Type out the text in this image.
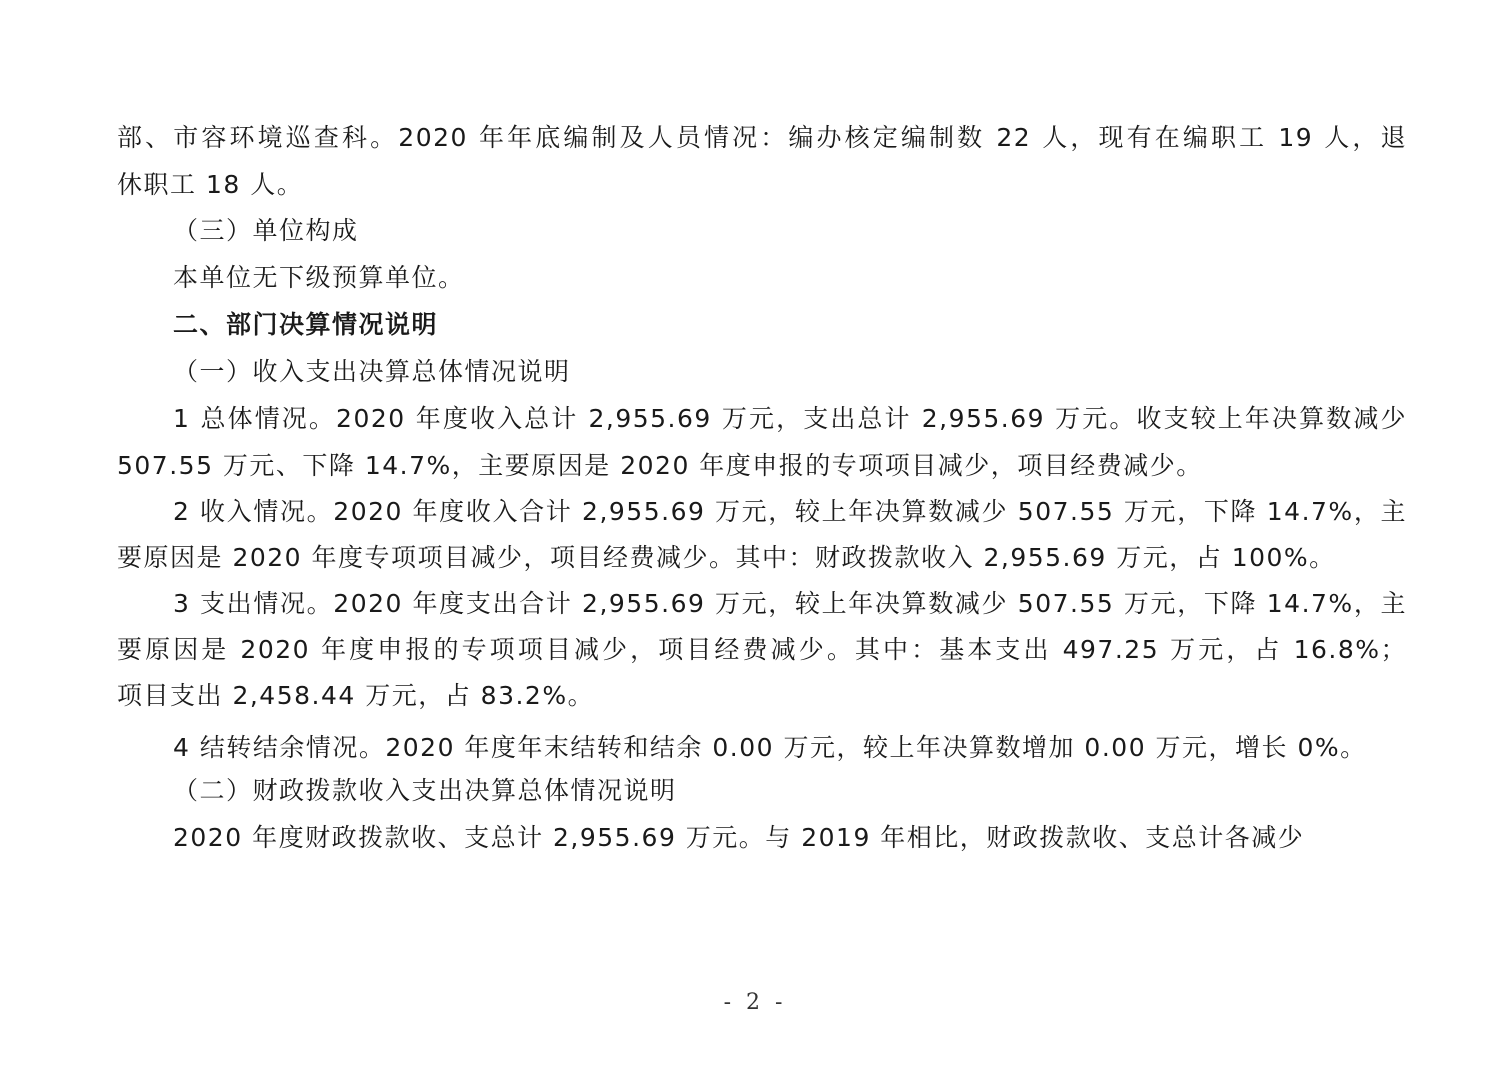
部、市容环境巡查科。2020 年年底编制及人员情况：编办核定编制数 22 人，现有在编职工 19 人，退
休职工 18 人。
（三）单位构成
本单位无下级预算单位。
二、部门决算情况说明
（一）收入支出决算总体情况说明
1 总体情况。2020 年度收入总计 2,955.69 万元，支出总计 2,955.69 万元。收支较上年决算数减少
507.55 万元、下降 14.7%，主要原因是 2020 年度申报的专项项目减少，项目经费减少。
2 收入情况。2020 年度收入合计 2,955.69 万元，较上年决算数减少 507.55 万元，下降 14.7%，主
要原因是 2020 年度专项项目减少，项目经费减少。其中：财政拨款收入 2,955.69 万元，占 100%。
3 支出情况。2020 年度支出合计 2,955.69 万元，较上年决算数减少 507.55 万元，下降 14.7%，主
要原因是 2020 年度申报的专项项目减少，项目经费减少。其中：基本支出 497.25 万元，占 16.8%；
项目支出 2,458.44 万元，占 83.2%。
4 结转结余情况。2020 年度年末结转和结余 0.00 万元，较上年决算数增加 0.00 万元，增长 0%。
（二）财政拨款收入支出决算总体情况说明
2020 年度财政拨款收、支总计 2,955.69 万元。与 2019 年相比，财政拨款收、支总计各减少
- 2 -
